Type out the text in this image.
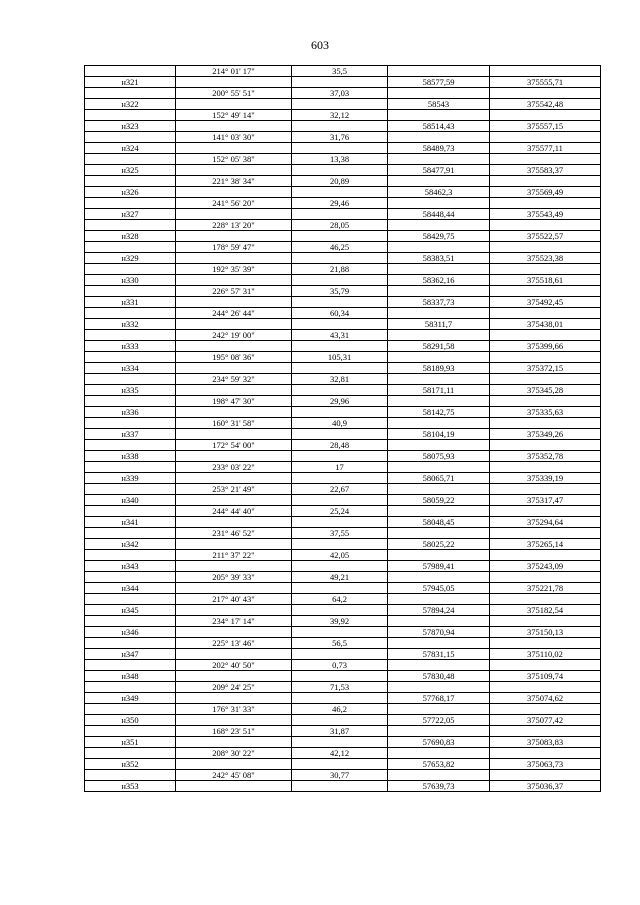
603
	214° 01' 17"	35,5		
н321			58577,59	375555,71
	200° 55' 51"	37,03		
н322			58543	375542,48
	152° 49' 14"	32,12		
н323			58514,43	375557,15
	141° 03' 30"	31,76		
н324			58489,73	375577,11
	152° 05' 38"	13,38		
н325			58477,91	375583,37
	221° 38' 34"	20,89		
н326			58462,3	375569,49
	241° 56' 20"	29,46		
н327			58448,44	375543,49
	228° 13' 20"	28,05		
н328			58429,75	375522,57
	178° 59' 47"	46,25		
н329			58383,51	375523,38
	192° 35' 39"	21,88		
н330			58362,16	375518,61
	226° 57' 31"	35,79		
н331			58337,73	375492,45
	244° 26' 44"	60,34		
н332			58311,7	375438,01
	242° 19' 00"	43,31		
н333			58291,58	375399,66
	195° 08' 36"	105,31		
н334			58189,93	375372,15
	234° 59' 32"	32,81		
н335			58171,11	375345,28
	198° 47' 30"	29,96		
н336			58142,75	375335,63
	160° 31' 58"	40,9		
н337			58104,19	375349,26
	172° 54' 00"	28,48		
н338			58075,93	375352,78
	233° 03' 22"	17		
н339			58065,71	375339,19
	253° 21' 49"	22,67		
н340			58059,22	375317,47
	244° 44' 40"	25,24		
н341			58048,45	375294,64
	231° 46' 52"	37,55		
н342			58025,22	375265,14
	211° 37' 22"	42,05		
н343			57989,41	375243,09
	205° 39' 33"	49,21		
н344			57945,05	375221,78
	217° 40' 43"	64,2		
н345			57894,24	375182,54
	234° 17' 14"	39,92		
н346			57870,94	375150,13
	225° 13' 46"	56,5		
н347			57831,15	375110,02
	202° 40' 50"	0,73		
н348			57830,48	375109,74
	209° 24' 25"	71,53		
н349			57768,17	375074,62
	176° 31' 33"	46,2		
н350			57722,05	375077,42
	168° 23' 51"	31,87		
н351			57690,83	375083,83
	208° 30' 22"	42,12		
н352			57653,82	375063,73
	242° 45' 08"	30,77		
н353			57639,73	375036,37
